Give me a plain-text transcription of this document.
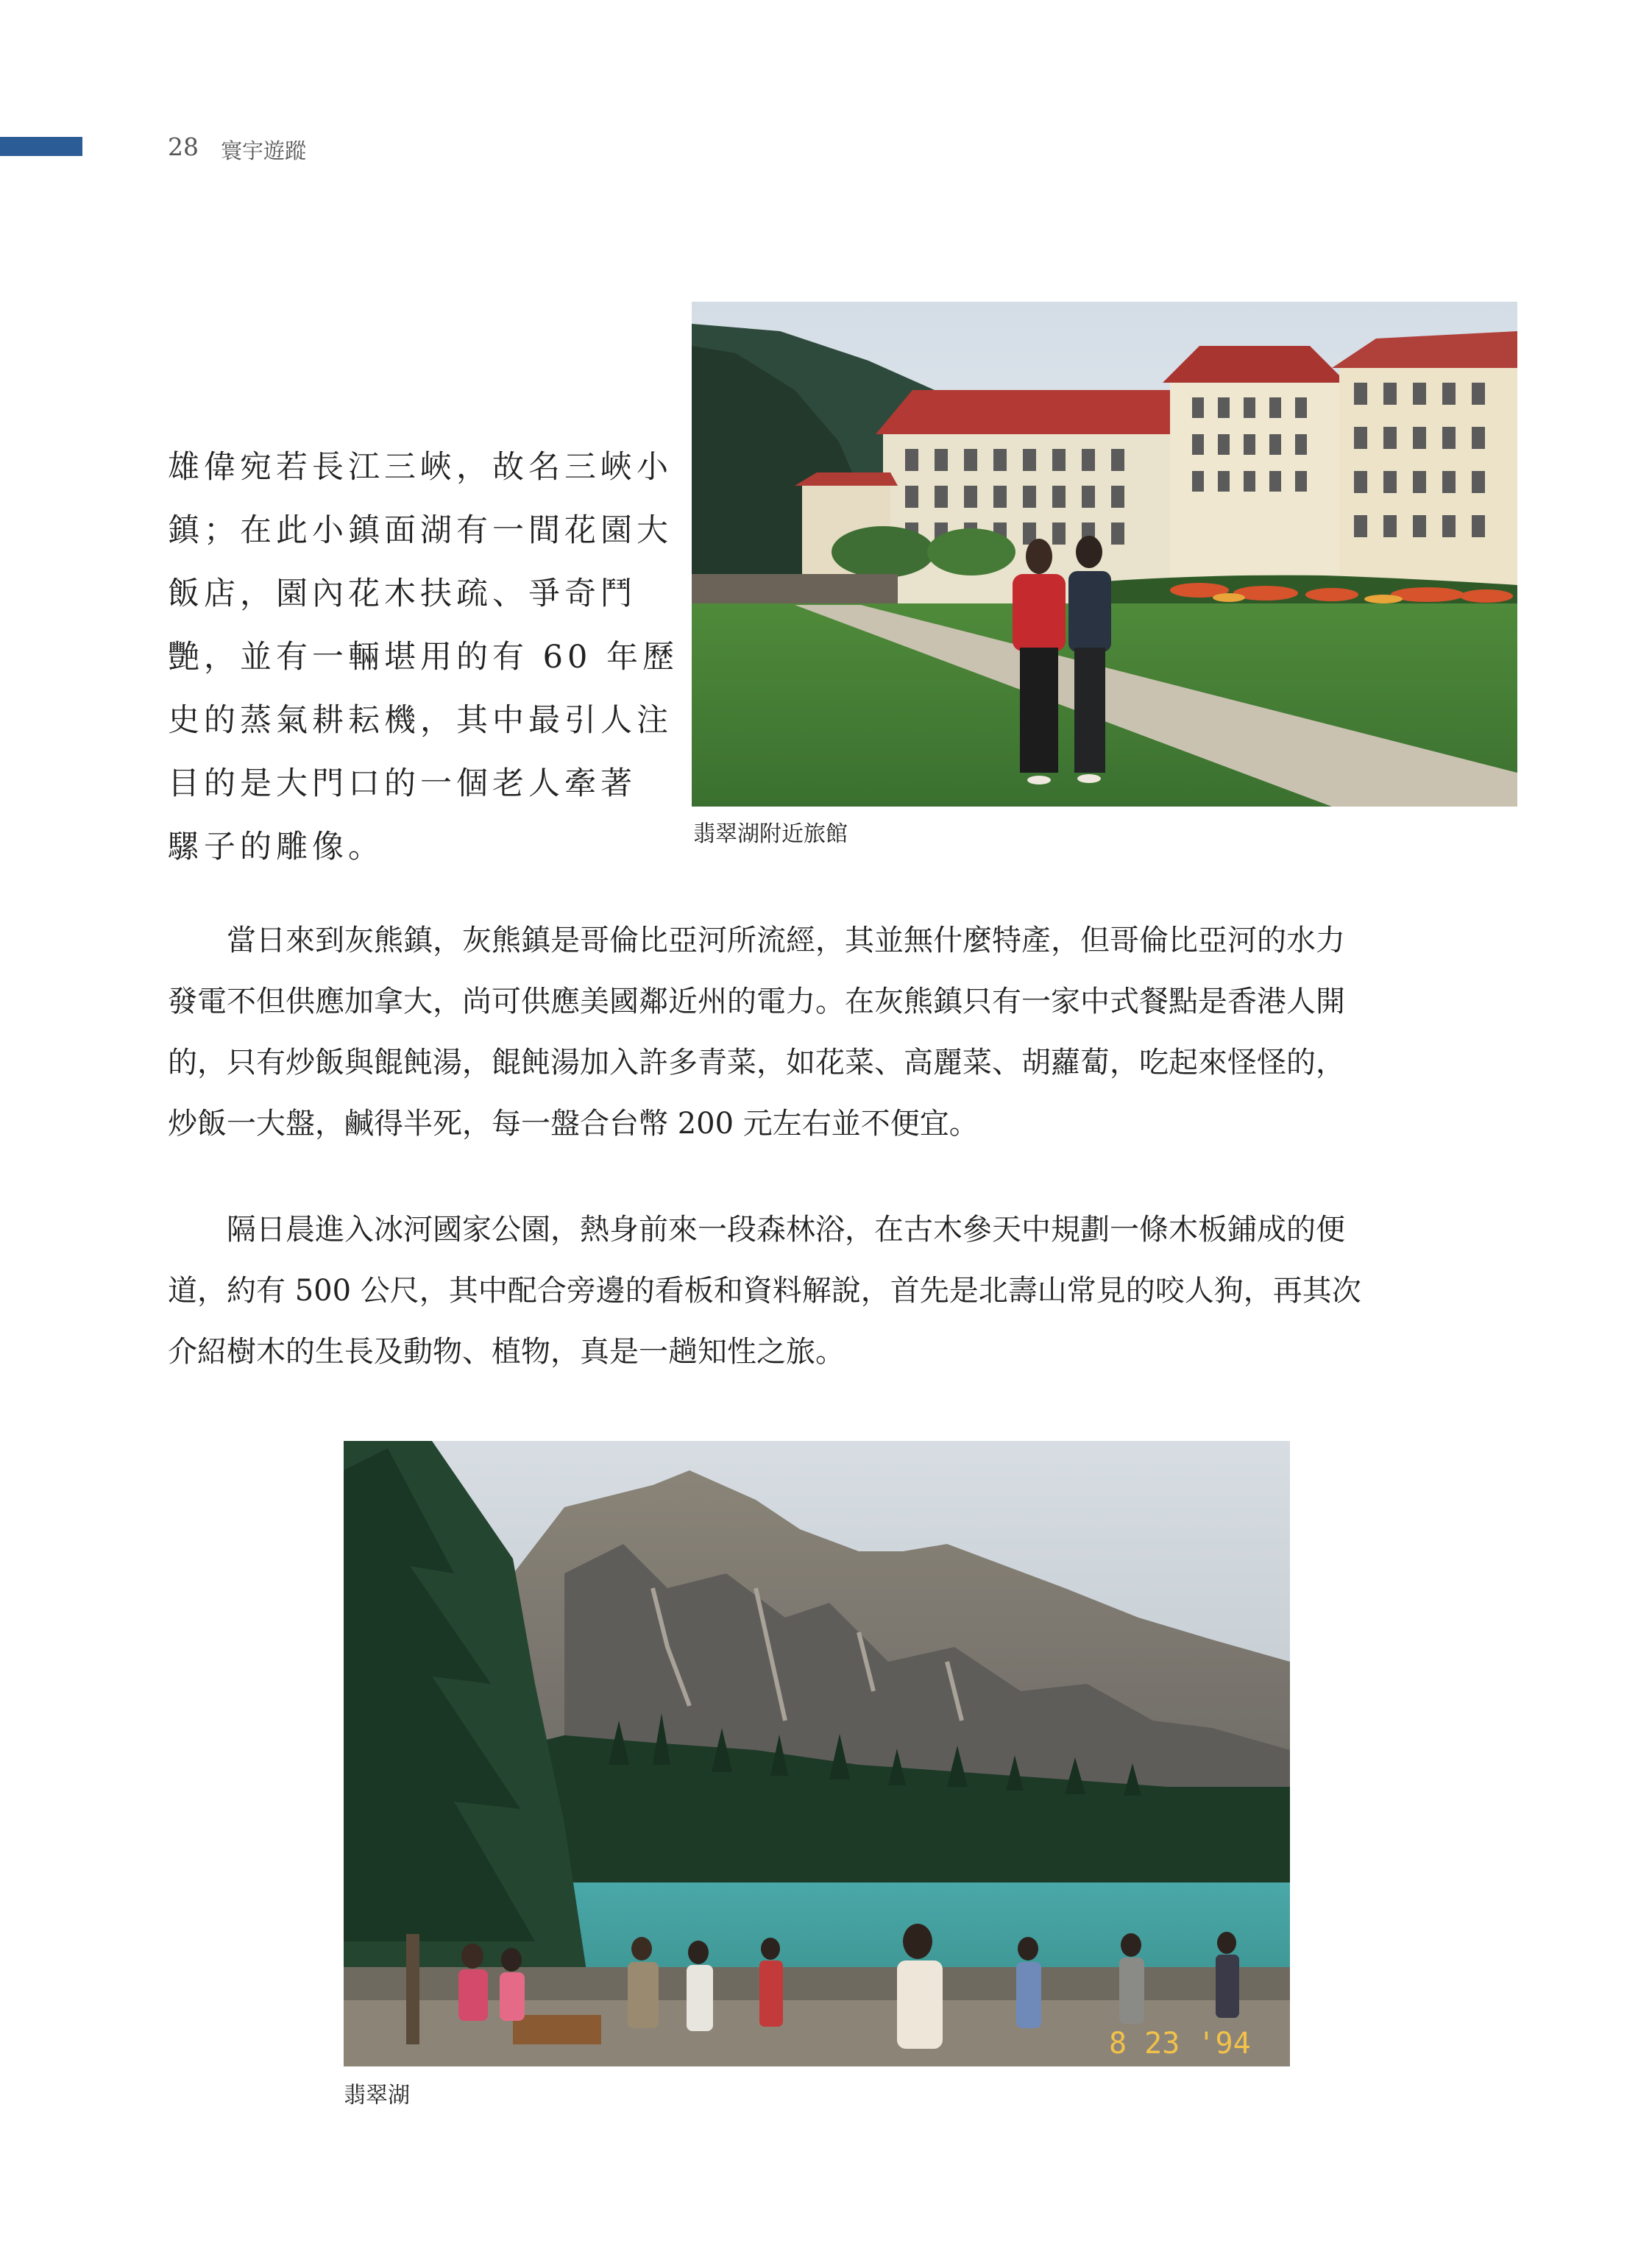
28 寰宇遊蹤
雄偉宛若長江三峽，故名三峽小
鎮；在此小鎮面湖有一間花園大
飯店，園內花木扶疏、爭奇鬥
艷，並有一輛堪用的有 60 年歷
史的蒸氣耕耘機，其中最引人注
目的是大門口的一個老人牽著
騾子的雕像。	翡翠湖附近旅館
　　當日來到灰熊鎮，灰熊鎮是哥倫比亞河所流經，其並無什麼特產，但哥倫比亞河的水力
發電不但供應加拿大，尚可供應美國鄰近州的電力。在灰熊鎮只有一家中式餐點是香港人開
的，只有炒飯與餛飩湯，餛飩湯加入許多青菜，如花菜、高麗菜、胡蘿蔔，吃起來怪怪的，
炒飯一大盤，鹹得半死，每一盤合台幣 200 元左右並不便宜。
　　隔日晨進入冰河國家公園，熱身前來一段森林浴，在古木參天中規劃一條木板鋪成的便
道，約有 500 公尺，其中配合旁邊的看板和資料解說，首先是北壽山常見的咬人狗，再其次
介紹樹木的生長及動物、植物，真是一趟知性之旅。
8 23 '94
翡翠湖
